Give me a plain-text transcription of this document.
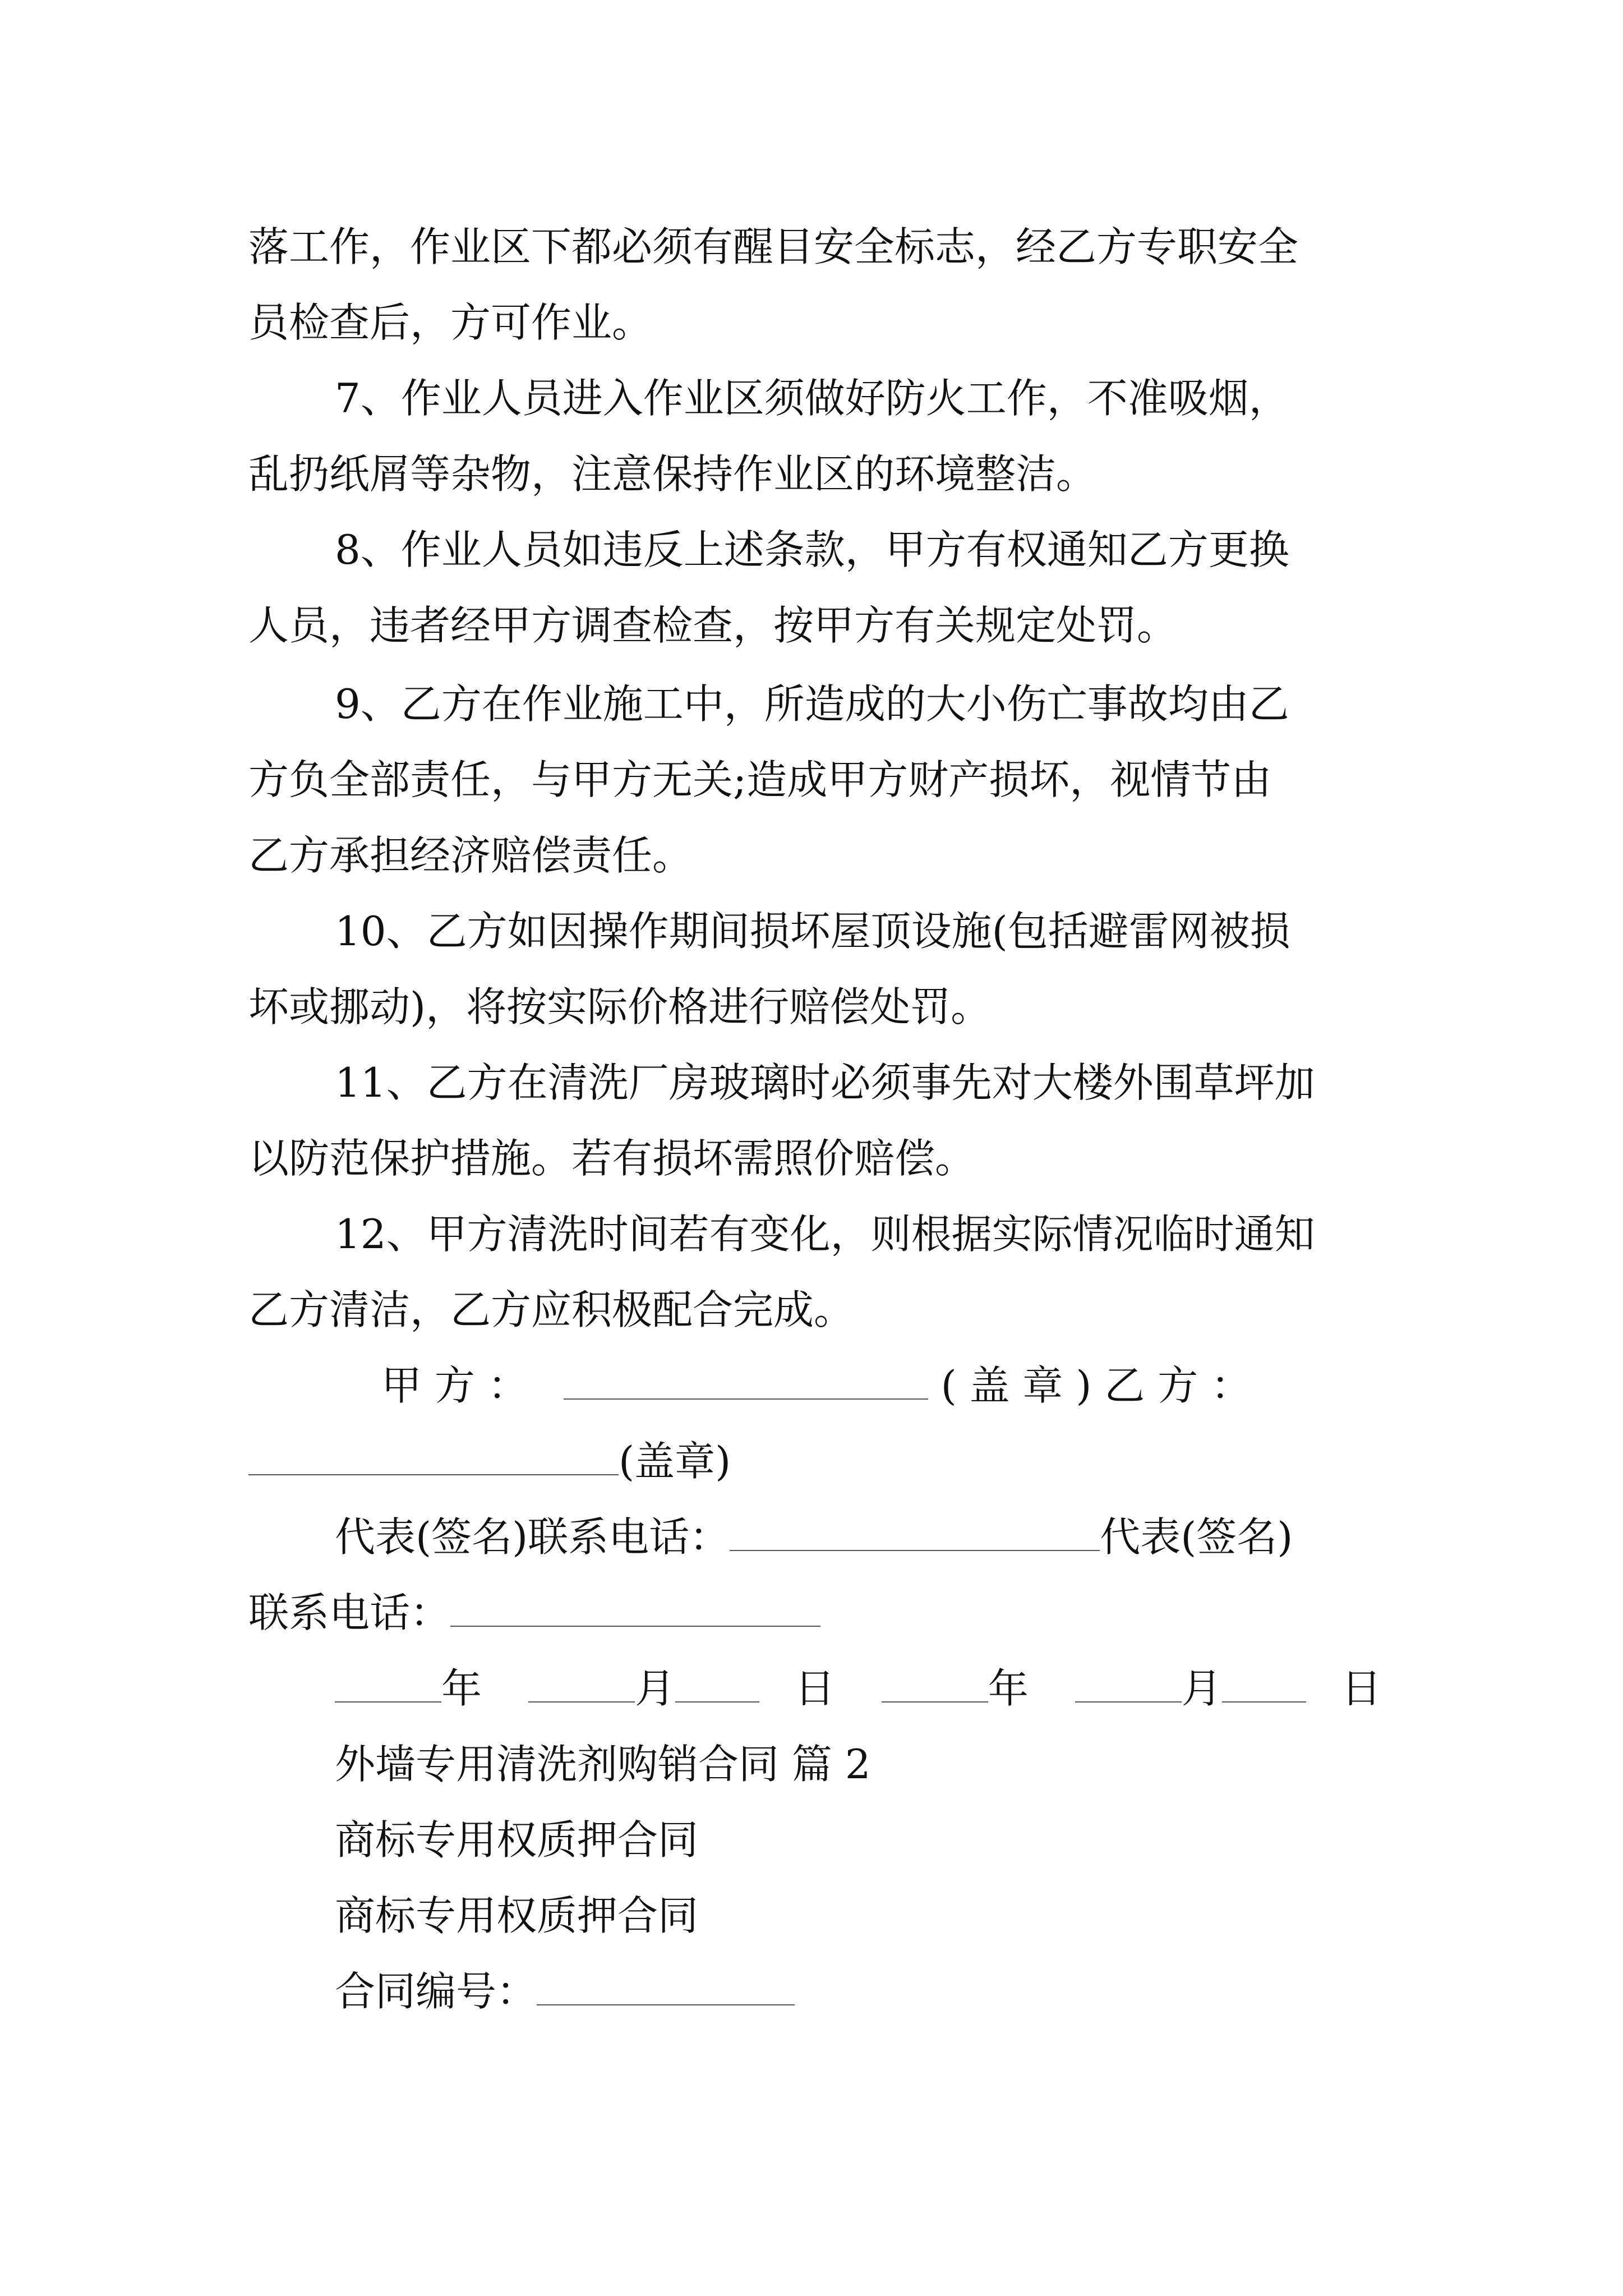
落工作，作业区下都必须有醒目安全标志，经乙方专职安全
员检查后，方可作业。
7、作业人员进入作业区须做好防火工作，不准吸烟，
乱扔纸屑等杂物，注意保持作业区的环境整洁。
8、作业人员如违反上述条款，甲方有权通知乙方更换
人员，违者经甲方调查检查，按甲方有关规定处罚。
9、乙方在作业施工中，所造成的大小伤亡事故均由乙
方负全部责任，与甲方无关;造成甲方财产损坏，视情节由
乙方承担经济赔偿责任。
10、乙方如因操作期间损坏屋顶设施(包括避雷网被损
坏或挪动)，将按实际价格进行赔偿处罚。
11、乙方在清洗厂房玻璃时必须事先对大楼外围草坪加
以防范保护措施。若有损坏需照价赔偿。
12、甲方清洗时间若有变化，则根据实际情况临时通知
乙方清洁，乙方应积极配合完成。
甲 方 ：	( 盖 章 ) 乙 方 ：
(盖章)
代表(签名)联系电话：	代表(签名)
联系电话：
年	月	日	年	月	日
外墙专用清洗剂购销合同 篇 2
商标专用权质押合同
商标专用权质押合同
合同编号：
